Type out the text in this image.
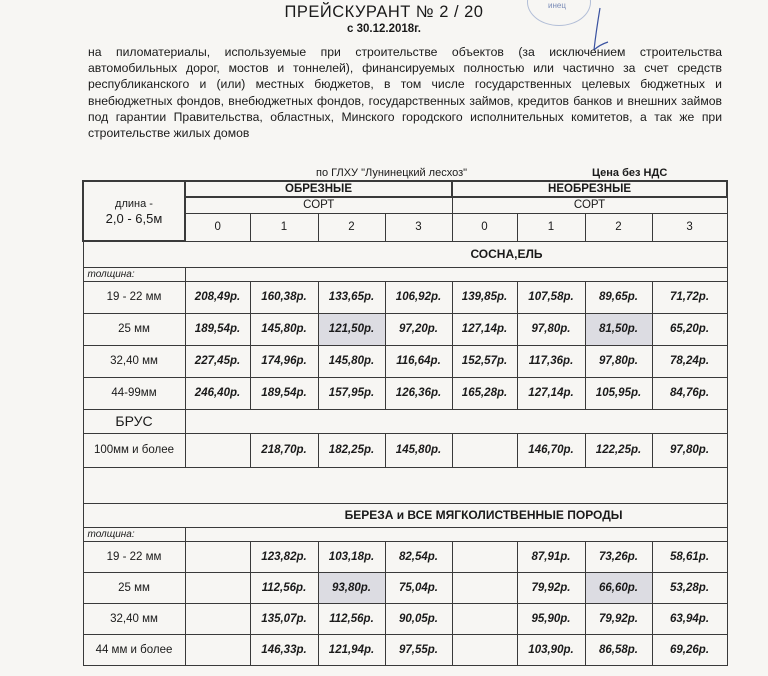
инец
ПРЕЙСКУРАНТ № 2 / 20
с 30.12.2018г.
на пиломатериалы, используемые при строительстве объектов (за исключением строительства автомобильных дорог, мостов и тоннелей), финансируемых полностью или частично за счет средств республиканского и (или) местных бюджетов, в том числе государственных целевых бюджетных и внебюджетных фондов, внебюджетных фондов, государственных займов, кредитов банков и внешних займов под гарантии Правительства, областных, Минского городского исполнительных комитетов, а так же при строительстве жилых домов
по ГЛХУ "Лунинецкий лесхоз"	Цена без НДС
длина -
2,0 - 6,5м	ОБРЕЗНЫЕ				НЕОБРЕЗНЫЕ			
	СОРТ				СОРТ			
	0	1	2	3	0	1	2	3
СОСНА,ЕЛЬ								
толщина:								
19 - 22 мм	208,49р.	160,38р.	133,65р.	106,92р.	139,85р.	107,58р.	89,65р.	71,72р.
25 мм	189,54р.	145,80р.	121,50р.	97,20р.	127,14р.	97,80р.	81,50р.	65,20р.
32,40 мм	227,45р.	174,96р.	145,80р.	116,64р.	152,57р.	117,36р.	97,80р.	78,24р.
44-99мм	246,40р.	189,54р.	157,95р.	126,36р.	165,28р.	127,14р.	105,95р.	84,76р.
БРУС								
100мм и более		218,70р.	182,25р.	145,80р.		146,70р.	122,25р.	97,80р.

БЕРЕЗА и ВСЕ МЯГКОЛИСТВЕННЫЕ ПОРОДЫ								
толщина:								
19 - 22 мм		123,82р.	103,18р.	82,54р.		87,91р.	73,26р.	58,61р.
25 мм		112,56р.	93,80р.	75,04р.		79,92р.	66,60р.	53,28р.
32,40 мм		135,07р.	112,56р.	90,05р.		95,90р.	79,92р.	63,94р.
44 мм и более		146,33р.	121,94р.	97,55р.		103,90р.	86,58р.	69,26р.
